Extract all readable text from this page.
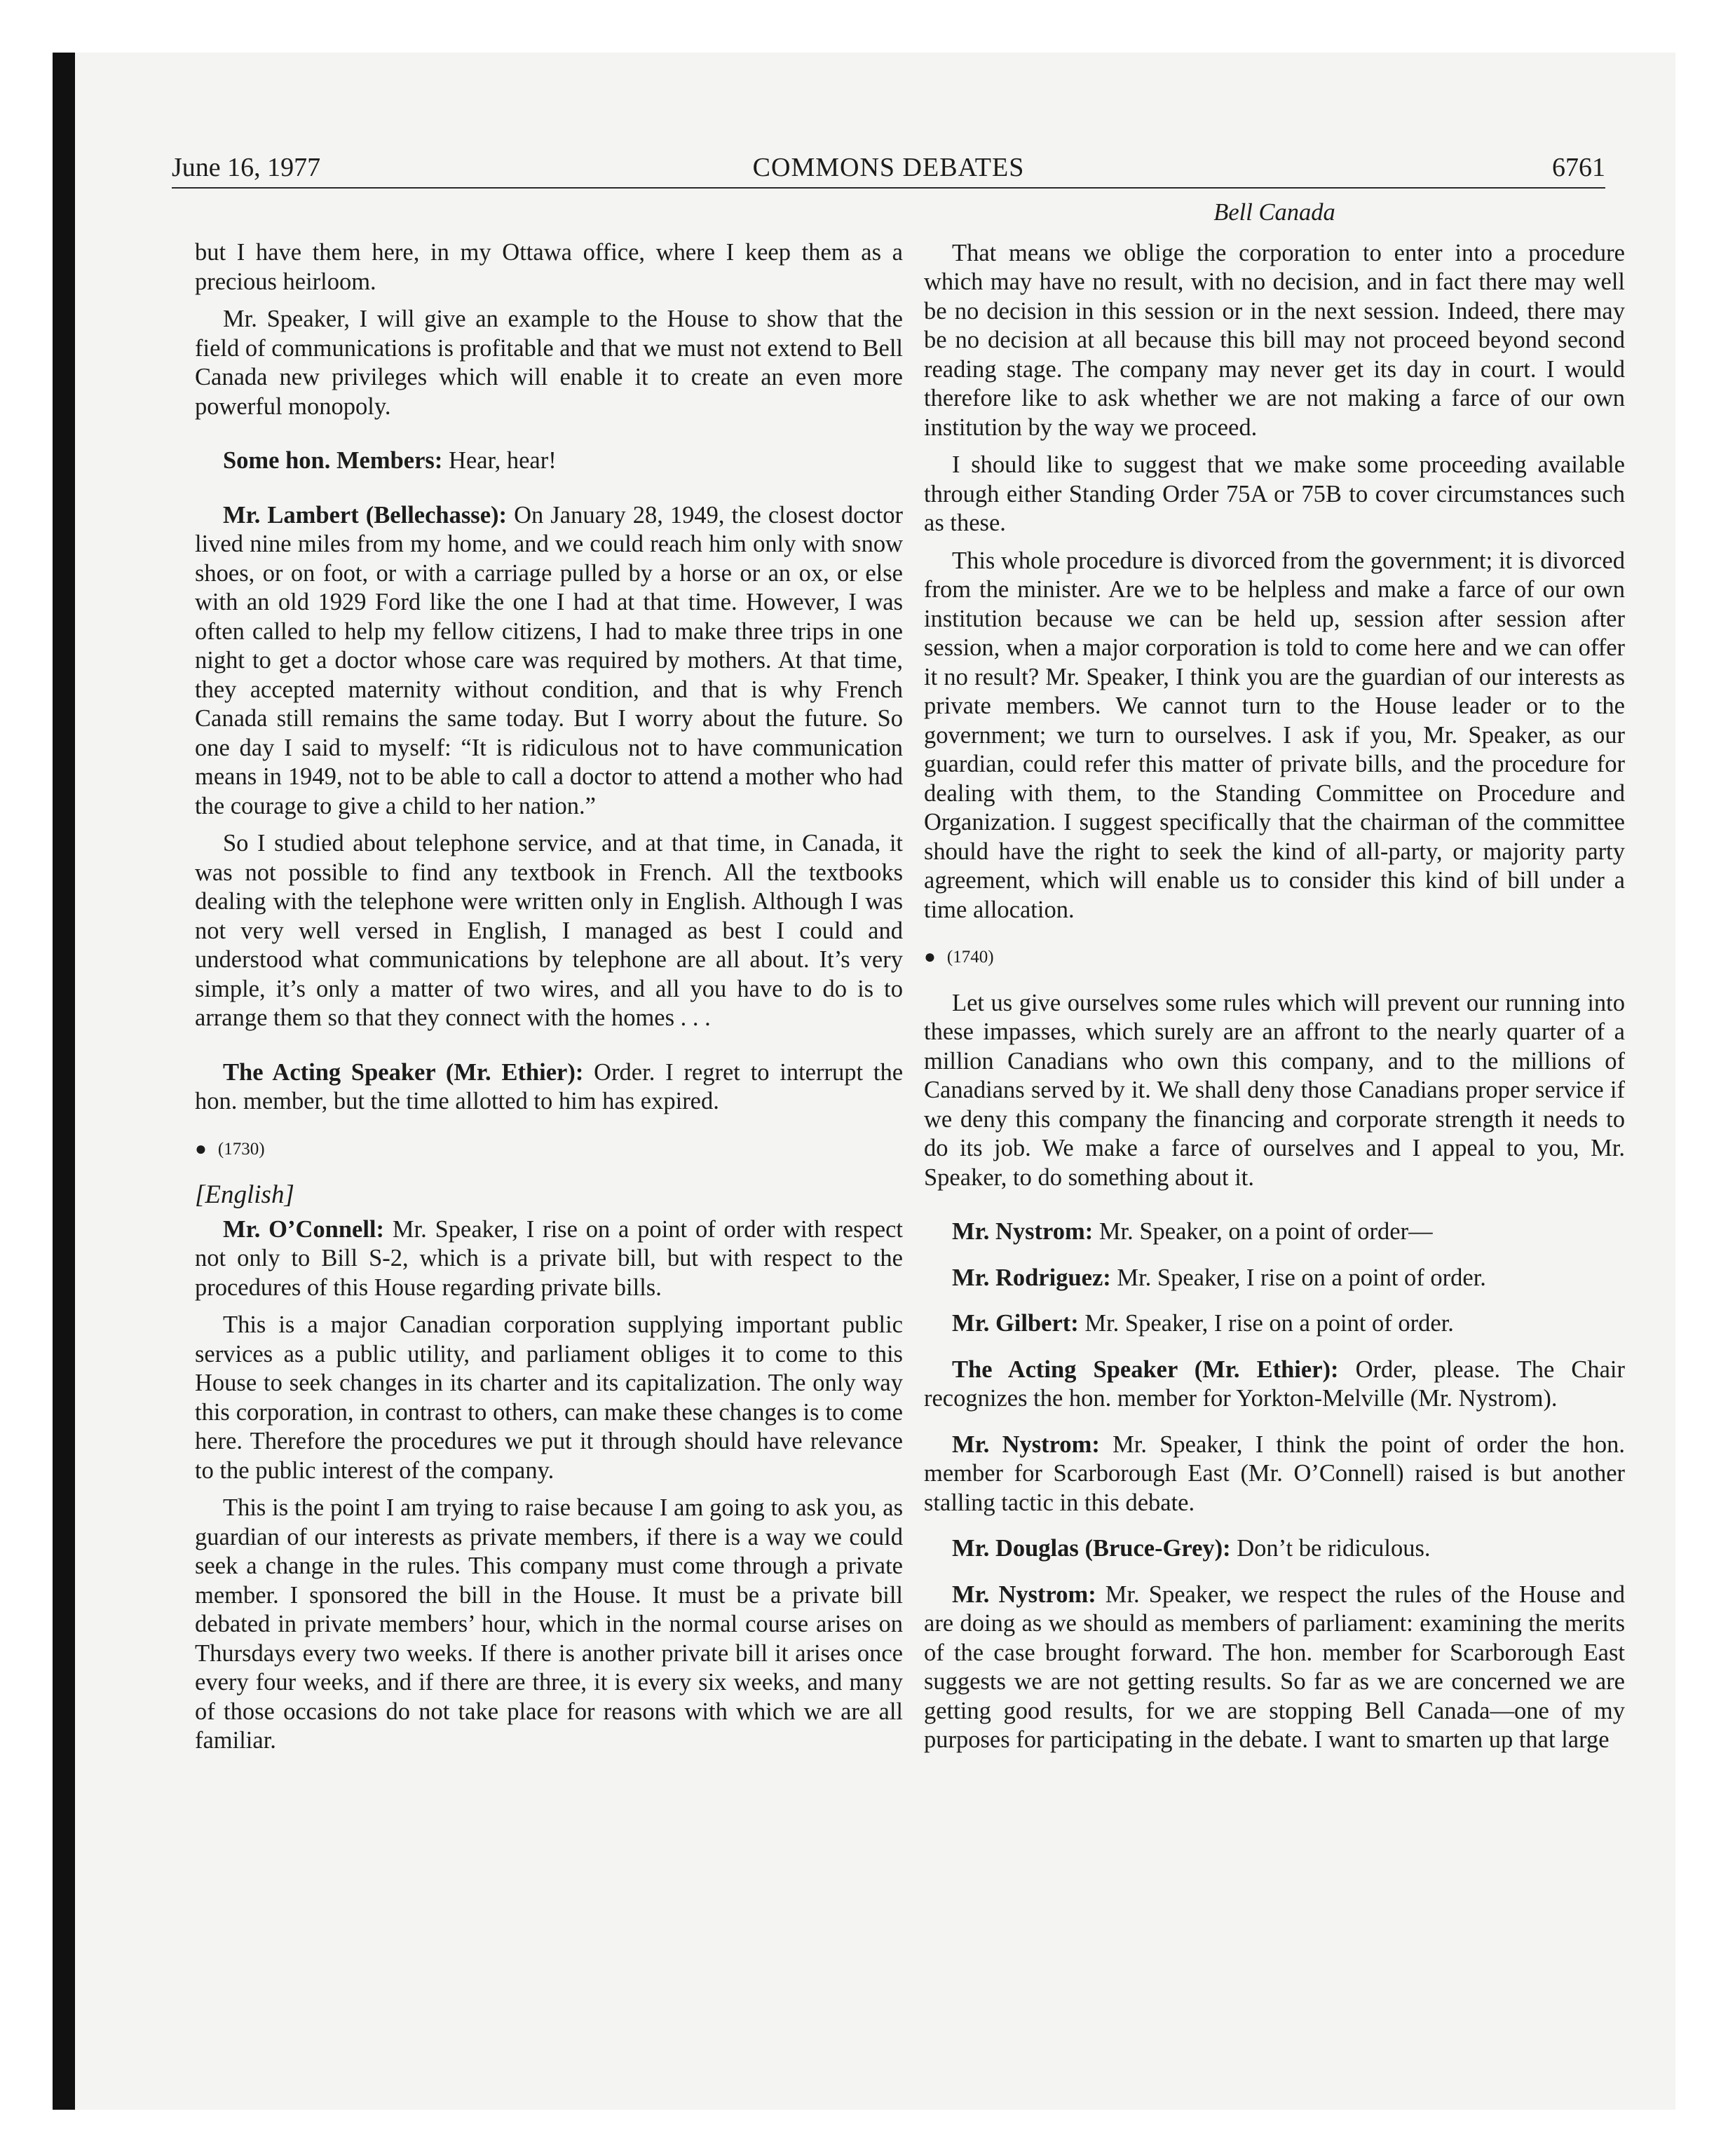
June 16, 1977	COMMONS DEBATES	6761

but I have them here, in my Ottawa office, where I keep them as a precious heirloom.

Mr. Speaker, I will give an example to the House to show that the field of communications is profitable and that we must not extend to Bell Canada new privileges which will enable it to create an even more powerful monopoly.

Some hon. Members: Hear, hear!

Mr. Lambert (Bellechasse): On January 28, 1949, the closest doctor lived nine miles from my home, and we could reach him only with snow shoes, or on foot, or with a carriage pulled by a horse or an ox, or else with an old 1929 Ford like the one I had at that time. However, I was often called to help my fellow citizens, I had to make three trips in one night to get a doctor whose care was required by mothers. At that time, they accepted maternity without condition, and that is why French Canada still remains the same today. But I worry about the future. So one day I said to myself: “It is ridiculous not to have communication means in 1949, not to be able to call a doctor to attend a mother who had the courage to give a child to her nation.”

So I studied about telephone service, and at that time, in Canada, it was not possible to find any textbook in French. All the textbooks dealing with the telephone were written only in English. Although I was not very well versed in English, I managed as best I could and understood what communications by telephone are all about. It’s very simple, it’s only a matter of two wires, and all you have to do is to arrange them so that they connect with the homes . . .

The Acting Speaker (Mr. Ethier): Order. I regret to interrupt the hon. member, but the time allotted to him has expired.

● (1730)
[English]

Mr. O’Connell: Mr. Speaker, I rise on a point of order with respect not only to Bill S-2, which is a private bill, but with respect to the procedures of this House regarding private bills.

This is a major Canadian corporation supplying important public services as a public utility, and parliament obliges it to come to this House to seek changes in its charter and its capitalization. The only way this corporation, in contrast to others, can make these changes is to come here. Therefore the procedures we put it through should have relevance to the public interest of the company.

This is the point I am trying to raise because I am going to ask you, as guardian of our interests as private members, if there is a way we could seek a change in the rules. This company must come through a private member. I sponsored the bill in the House. It must be a private bill debated in private members’ hour, which in the normal course arises on Thursdays every two weeks. If there is another private bill it arises once every four weeks, and if there are three, it is every six weeks, and many of those occasions do not take place for reasons with which we are all familiar.

Bell Canada

That means we oblige the corporation to enter into a procedure which may have no result, with no decision, and in fact there may well be no decision in this session or in the next session. Indeed, there may be no decision at all because this bill may not proceed beyond second reading stage. The company may never get its day in court. I would therefore like to ask whether we are not making a farce of our own institution by the way we proceed.

I should like to suggest that we make some proceeding available through either Standing Order 75A or 75B to cover circumstances such as these.

This whole procedure is divorced from the government; it is divorced from the minister. Are we to be helpless and make a farce of our own institution because we can be held up, session after session after session, when a major corporation is told to come here and we can offer it no result? Mr. Speaker, I think you are the guardian of our interests as private members. We cannot turn to the House leader or to the government; we turn to ourselves. I ask if you, Mr. Speaker, as our guardian, could refer this matter of private bills, and the procedure for dealing with them, to the Standing Committee on Procedure and Organization. I suggest specifically that the chairman of the committee should have the right to seek the kind of all-party, or majority party agreement, which will enable us to consider this kind of bill under a time allocation.

● (1740)

Let us give ourselves some rules which will prevent our running into these impasses, which surely are an affront to the nearly quarter of a million Canadians who own this company, and to the millions of Canadians served by it. We shall deny those Canadians proper service if we deny this company the financing and corporate strength it needs to do its job. We make a farce of ourselves and I appeal to you, Mr. Speaker, to do something about it.

Mr. Nystrom: Mr. Speaker, on a point of order—

Mr. Rodriguez: Mr. Speaker, I rise on a point of order.

Mr. Gilbert: Mr. Speaker, I rise on a point of order.

The Acting Speaker (Mr. Ethier): Order, please. The Chair recognizes the hon. member for Yorkton-Melville (Mr. Nystrom).

Mr. Nystrom: Mr. Speaker, I think the point of order the hon. member for Scarborough East (Mr. O’Connell) raised is but another stalling tactic in this debate.

Mr. Douglas (Bruce-Grey): Don’t be ridiculous.

Mr. Nystrom: Mr. Speaker, we respect the rules of the House and are doing as we should as members of parliament: examining the merits of the case brought forward. The hon. member for Scarborough East suggests we are not getting results. So far as we are concerned we are getting good results, for we are stopping Bell Canada—one of my purposes for participating in the debate. I want to smarten up that large
